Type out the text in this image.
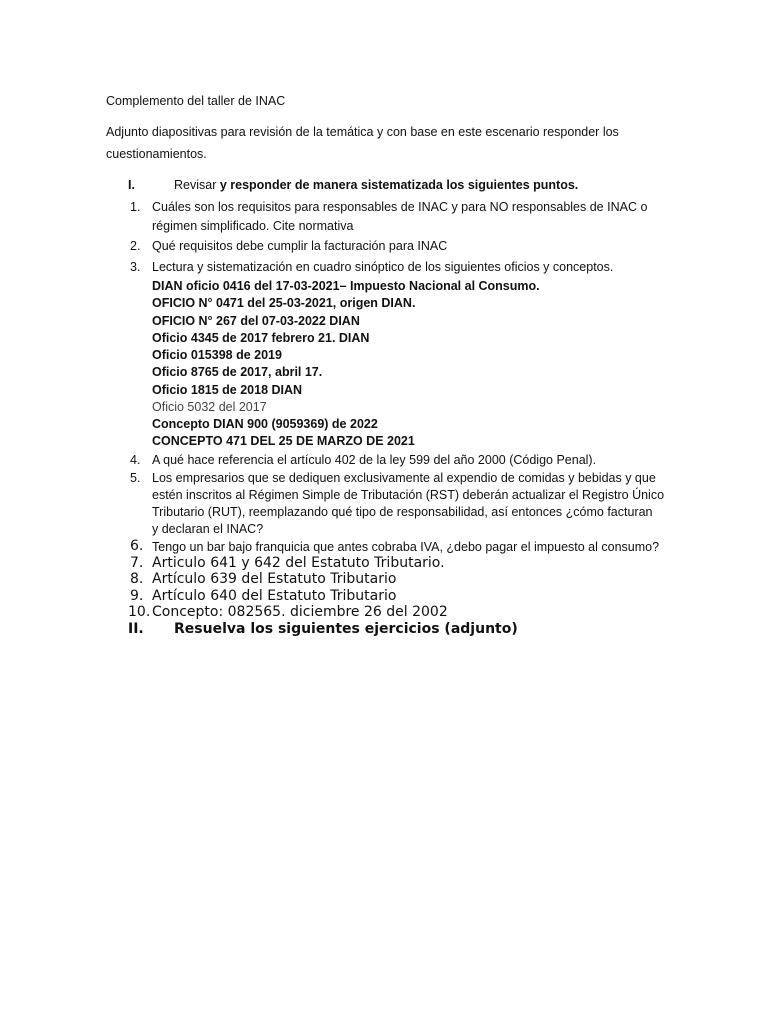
Complemento del taller de INAC
Adjunto diapositivas para revisión de la temática y con base en este escenario responder los
cuestionamientos.
I.	Revisar y responder de manera sistematizada los siguientes puntos.
1. Cuáles son los requisitos para responsables de INAC y para NO responsables de INAC o
régimen simplificado. Cite normativa
2. Qué requisitos debe cumplir la facturación para INAC
3. Lectura y sistematización en cuadro sinóptico de los siguientes oficios y conceptos.
DIAN oficio 0416 del 17-03-2021– Impuesto Nacional al Consumo.
OFICIO N° 0471 del 25-03-2021, origen DIAN.
OFICIO N° 267 del 07-03-2022 DIAN
Oficio 4345 de 2017 febrero 21. DIAN
Oficio 015398 de 2019
Oficio 8765 de 2017, abril 17.
Oficio 1815 de 2018 DIAN
Oficio 5032 del 2017
Concepto DIAN 900 (9059369) de 2022
CONCEPTO 471 DEL 25 DE MARZO DE 2021
4. A qué hace referencia el artículo 402 de la ley 599 del año 2000 (Código Penal).
5. Los empresarios que se dediquen exclusivamente al expendio de comidas y bebidas y que
estén inscritos al Régimen Simple de Tributación (RST) deberán actualizar el Registro Único
Tributario (RUT), reemplazando qué tipo de responsabilidad, así entonces ¿cómo facturan
y declaran el INAC?
6. Tengo un bar bajo franquicia que antes cobraba IVA, ¿debo pagar el impuesto al consumo?
7. Articulo 641 y 642 del Estatuto Tributario.
8. Artículo 639 del Estatuto Tributario
9. Artículo 640 del Estatuto Tributario
10. Concepto: 082565. diciembre 26 del 2002
II. Resuelva los siguientes ejercicios (adjunto)
